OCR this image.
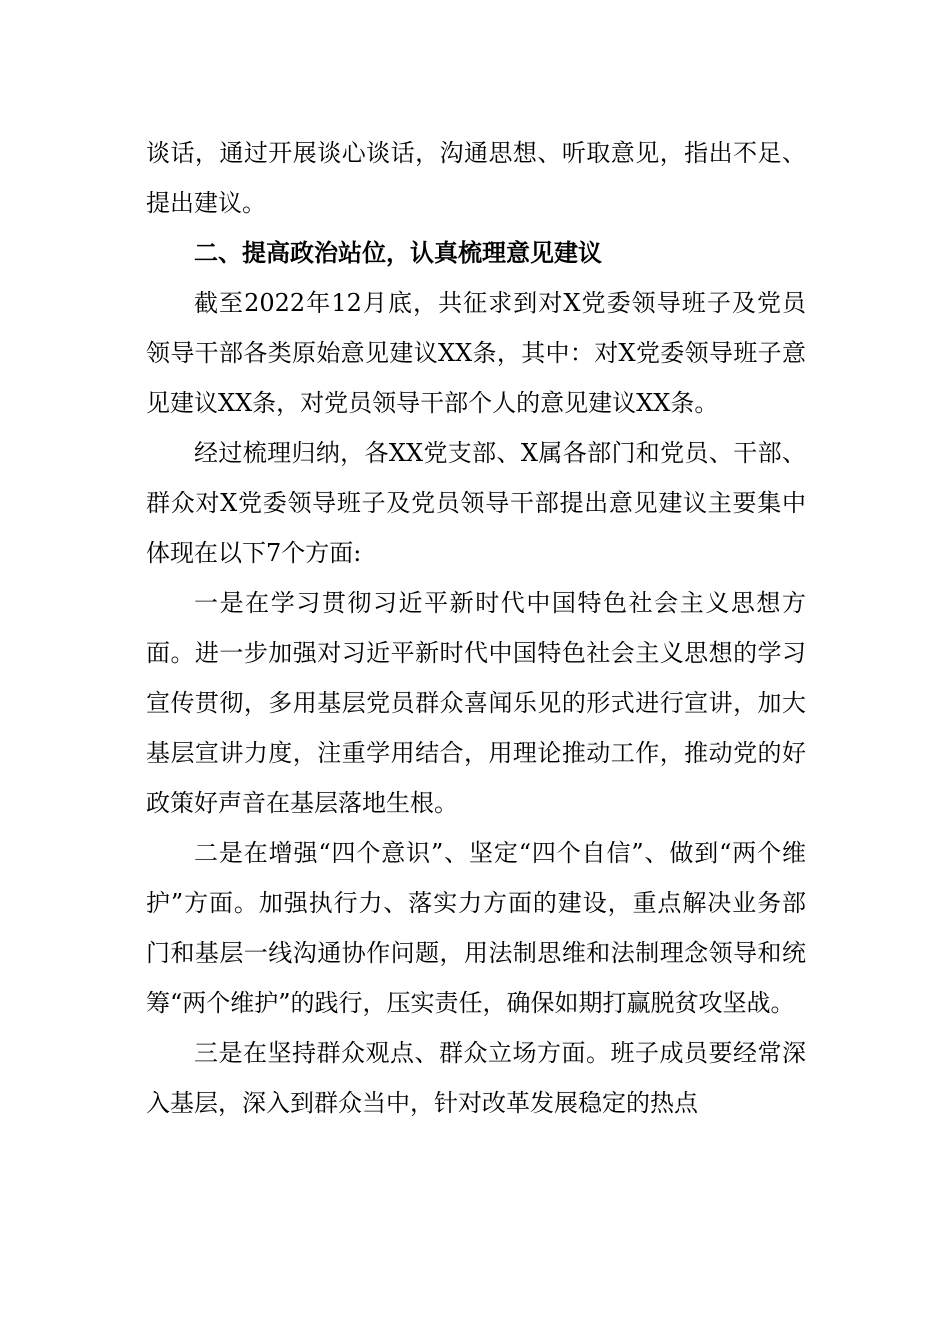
谈话，通过开展谈心谈话，沟通思想、听取意见，指出不足、提出建议。

二、提高政治站位，认真梳理意见建议

截至2022年12月底，共征求到对X党委领导班子及党员领导干部各类原始意见建议XX条，其中：对X党委领导班子意见建议XX条，对党员领导干部个人的意见建议XX条。

经过梳理归纳，各XX党支部、X属各部门和党员、干部、群众对X党委领导班子及党员领导干部提出意见建议主要集中体现在以下7个方面:

一是在学习贯彻习近平新时代中国特色社会主义思想方面。进一步加强对习近平新时代中国特色社会主义思想的学习宣传贯彻，多用基层党员群众喜闻乐见的形式进行宣讲，加大基层宣讲力度，注重学用结合，用理论推动工作，推动党的好政策好声音在基层落地生根。

二是在增强“四个意识”、坚定“四个自信”、做到“两个维护”方面。加强执行力、落实力方面的建设，重点解决业务部门和基层一线沟通协作问题，用法制思维和法制理念领导和统筹“两个维护”的践行，压实责任，确保如期打赢脱贫攻坚战。

三是在坚持群众观点、群众立场方面。班子成员要经常深入基层，深入到群众当中，针对改革发展稳定的热点
